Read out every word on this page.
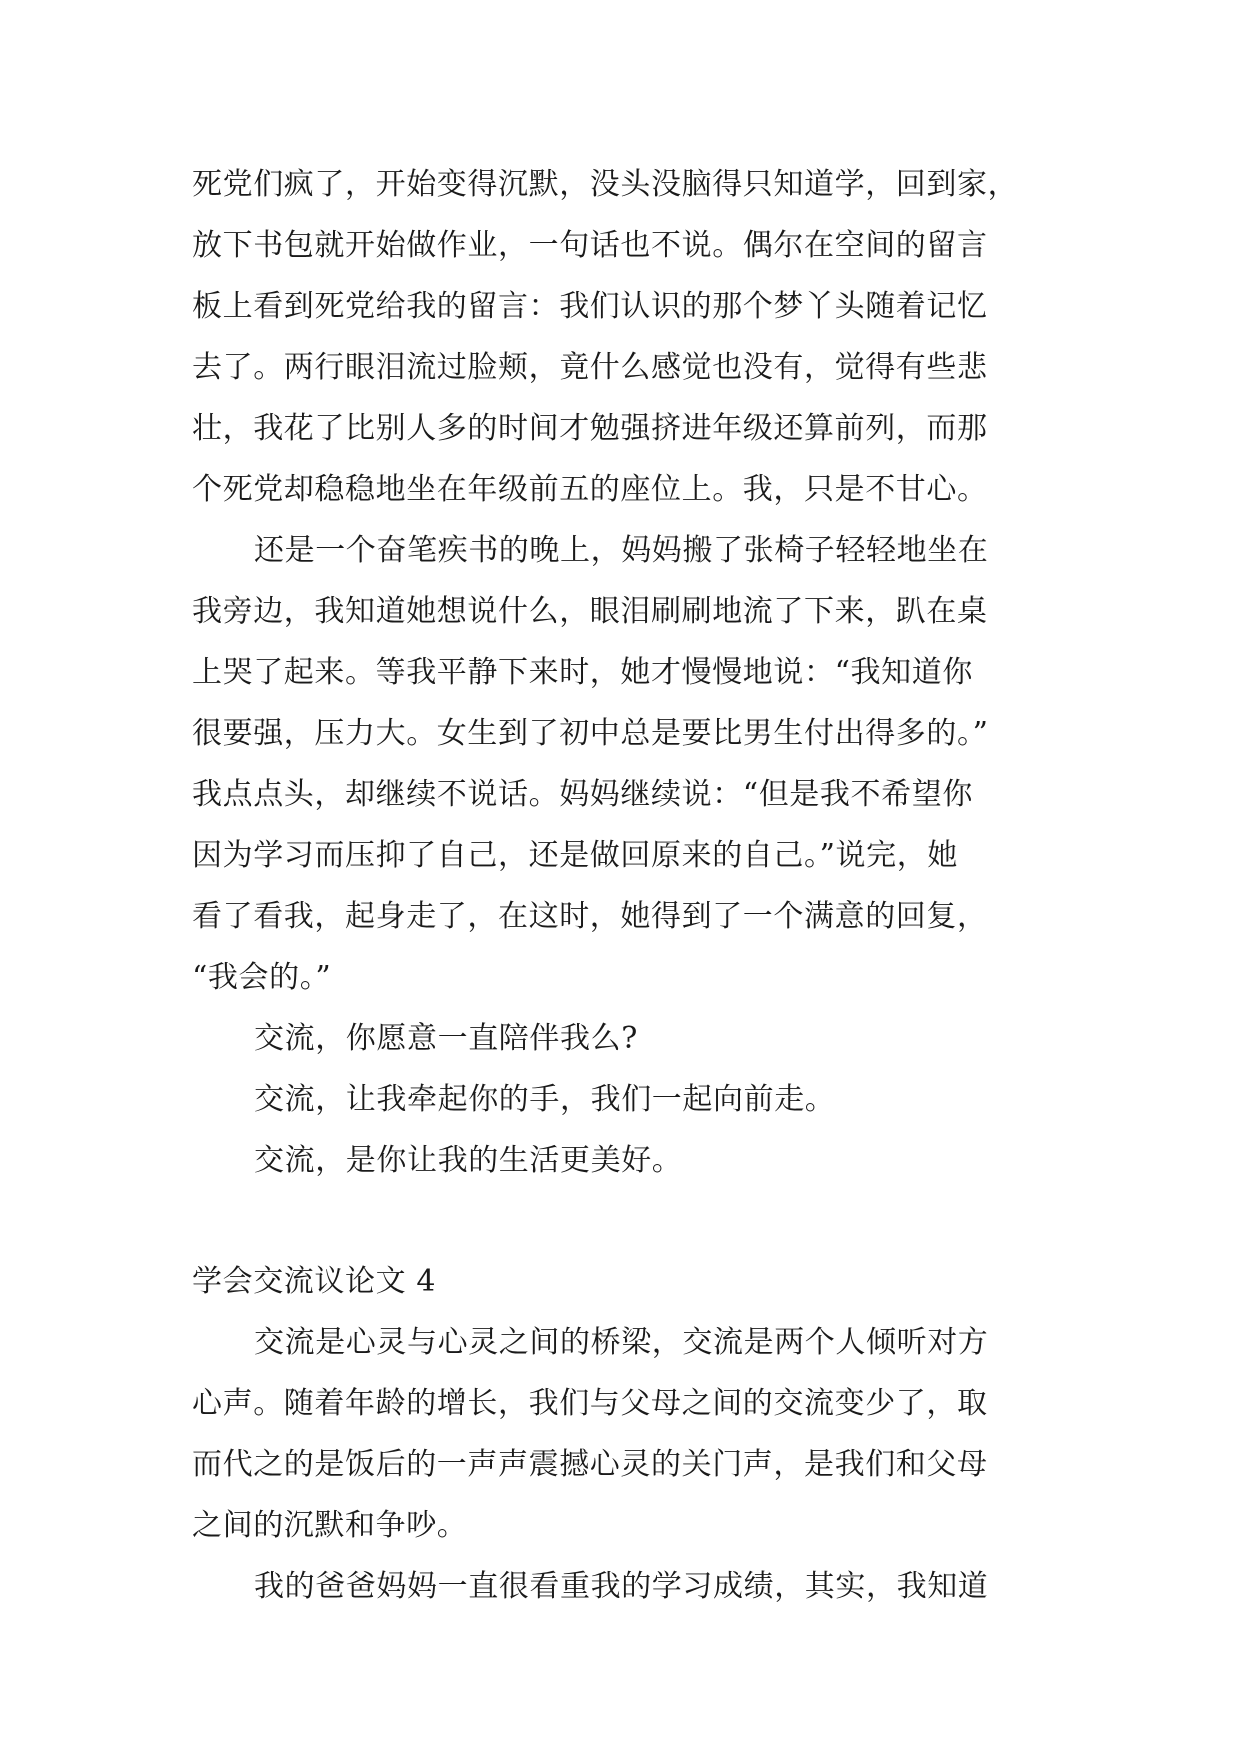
死党们疯了，开始变得沉默，没头没脑得只知道学，回到家，
放下书包就开始做作业，一句话也不说。偶尔在空间的留言
板上看到死党给我的留言：我们认识的那个梦丫头随着记忆
去了。两行眼泪流过脸颊，竟什么感觉也没有，觉得有些悲
壮，我花了比别人多的时间才勉强挤进年级还算前列，而那
个死党却稳稳地坐在年级前五的座位上。我，只是不甘心。
还是一个奋笔疾书的晚上，妈妈搬了张椅子轻轻地坐在
我旁边，我知道她想说什么，眼泪刷刷地流了下来，趴在桌
上哭了起来。等我平静下来时，她才慢慢地说：“我知道你
很要强，压力大。女生到了初中总是要比男生付出得多的。”
我点点头，却继续不说话。妈妈继续说：“但是我不希望你
因为学习而压抑了自己，还是做回原来的自己。”说完，她
看了看我，起身走了，在这时，她得到了一个满意的回复，
“我会的。”
交流，你愿意一直陪伴我么?
交流，让我牵起你的手，我们一起向前走。
交流，是你让我的生活更美好。
学会交流议论文 4
交流是心灵与心灵之间的桥梁，交流是两个人倾听对方
心声。随着年龄的增长，我们与父母之间的交流变少了，取
而代之的是饭后的一声声震撼心灵的关门声，是我们和父母
之间的沉默和争吵。
我的爸爸妈妈一直很看重我的学习成绩，其实，我知道
